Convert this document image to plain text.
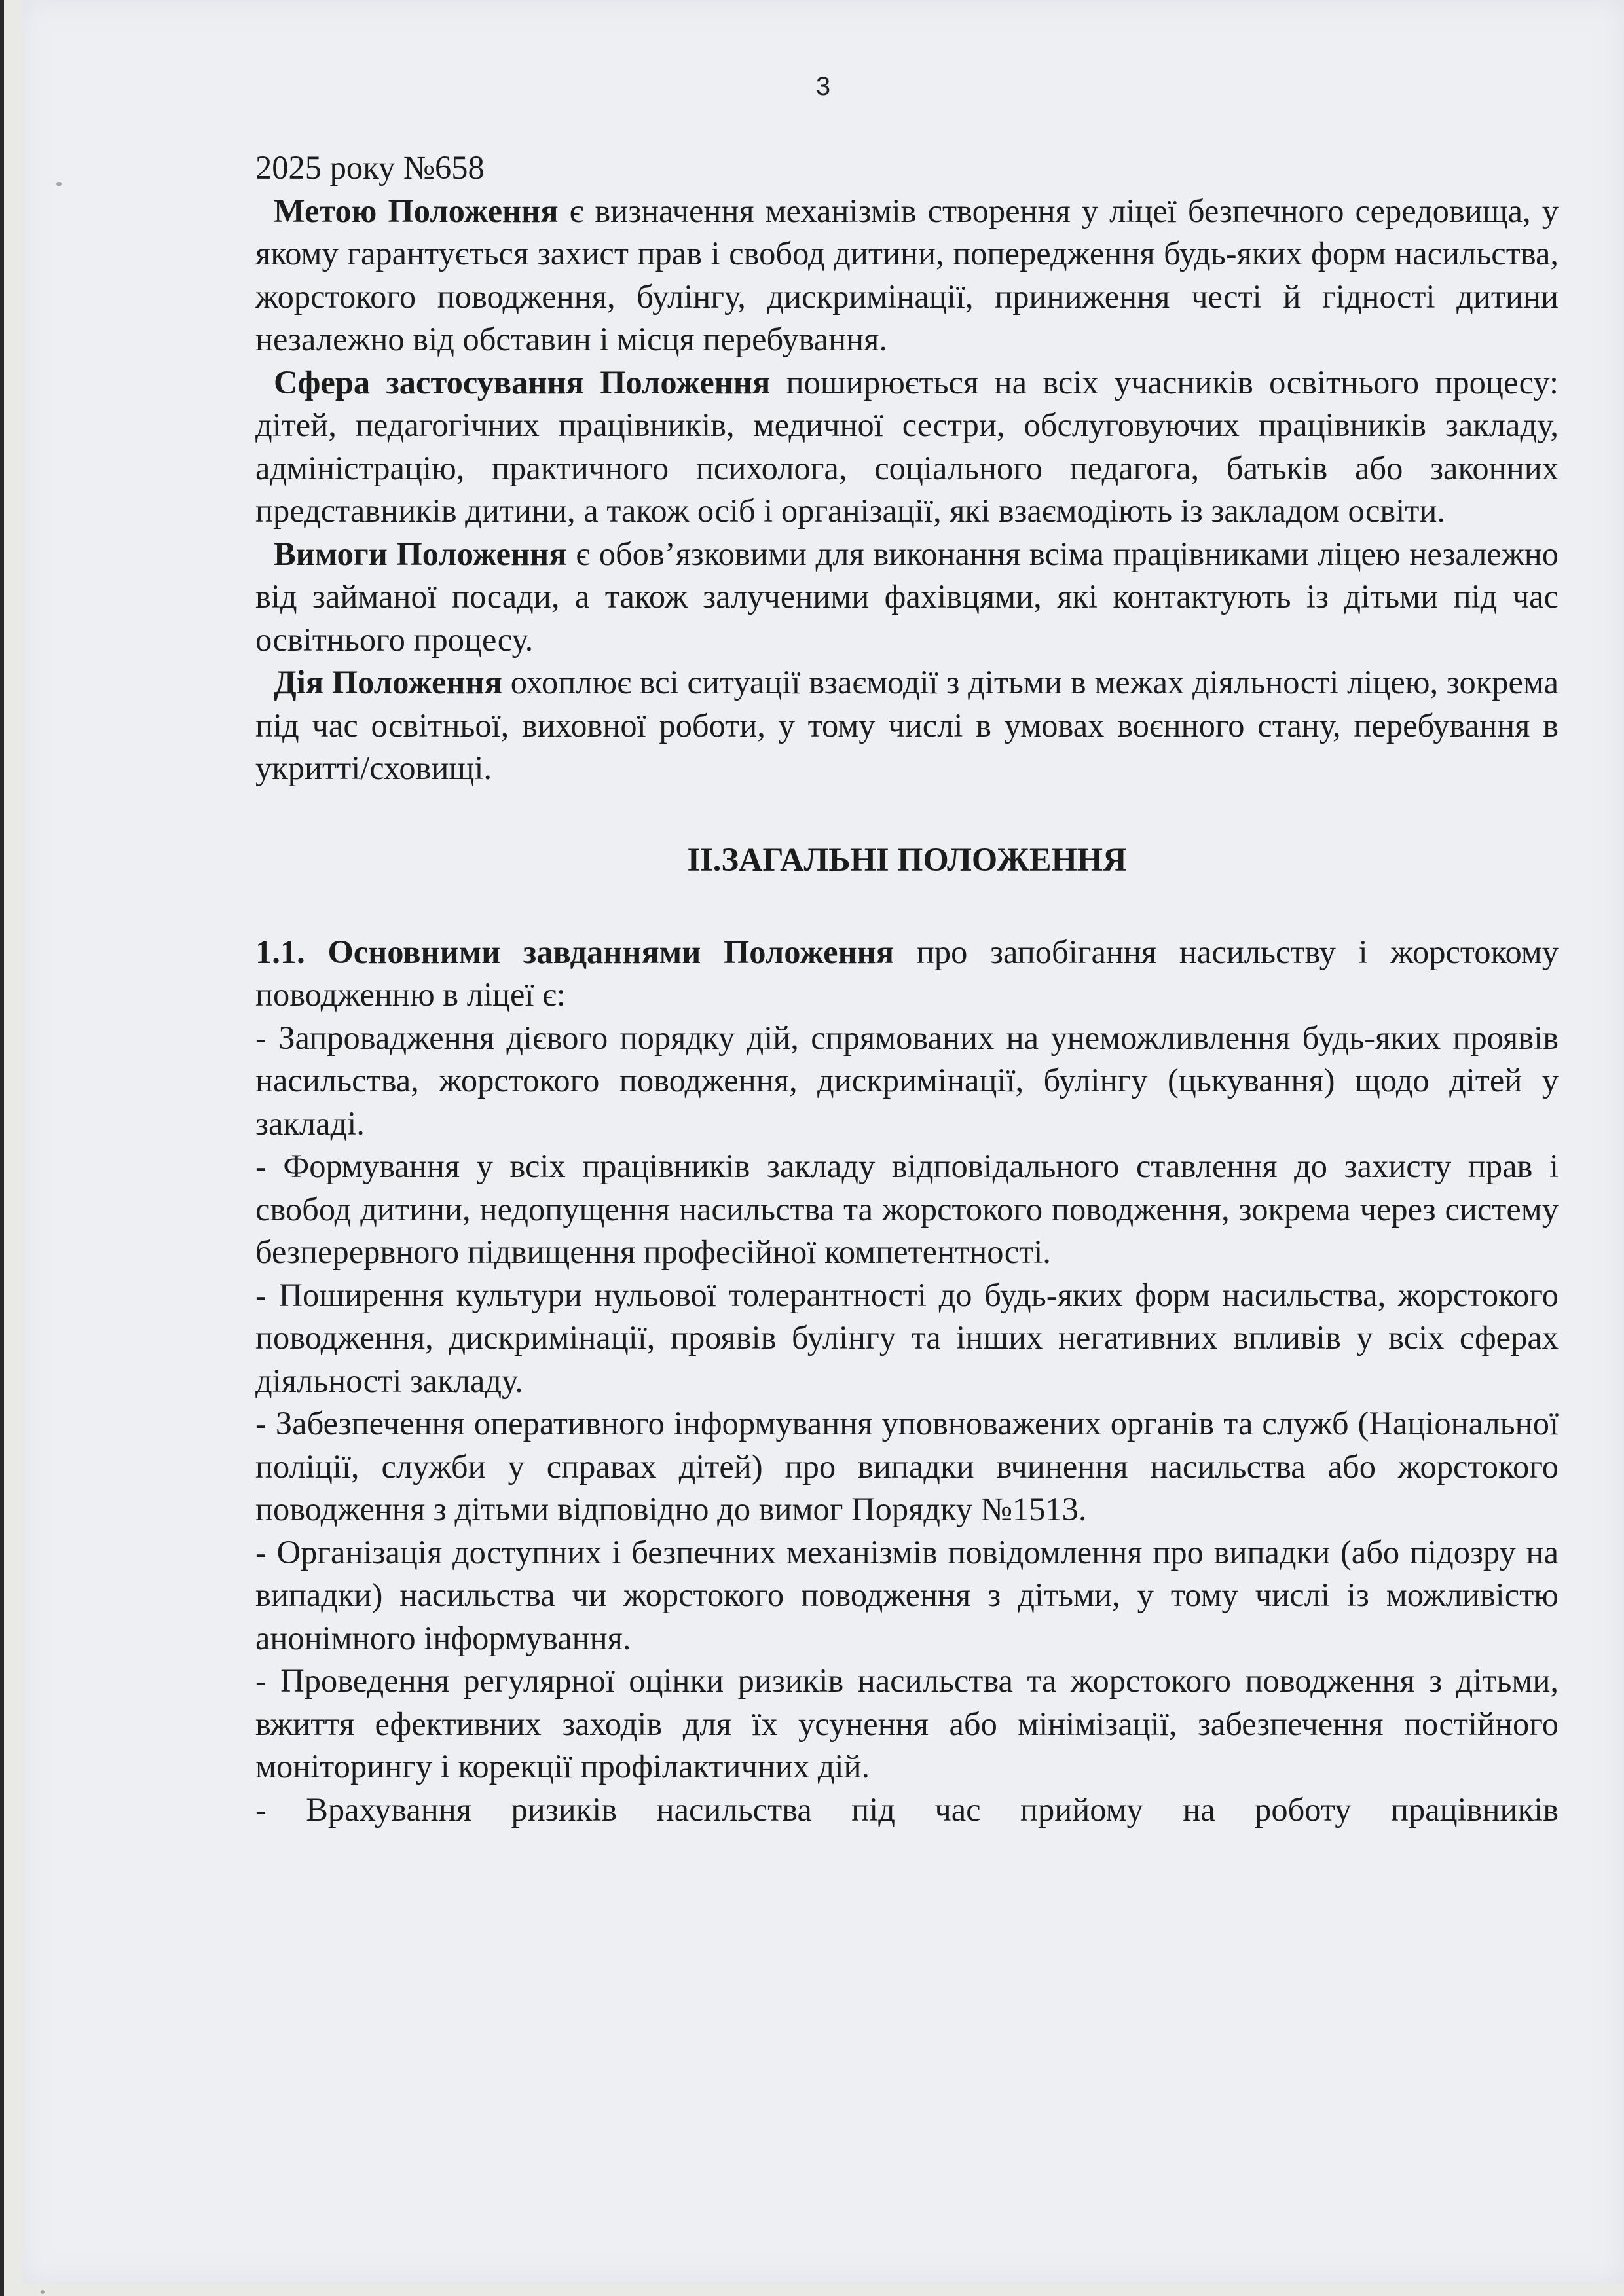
3

2025 року №658

Метою Положення є визначення механізмів створення у ліцеї безпечного середовища, у якому гарантується захист прав і свобод дитини, попередження будь-яких форм насильства, жорстокого поводження, булінгу, дискримінації, приниження честі й гідності дитини незалежно від обставин і місця перебування.

Сфера застосування Положення поширюється на всіх учасників освітнього процесу: дітей, педагогічних працівників, медичної сестри, обслуговуючих працівників закладу, адміністрацію, практичного психолога, соціального педагога, батьків або законних представників дитини, а також осіб і організації, які взаємодіють із закладом освіти.

Вимоги Положення є обов’язковими для виконання всіма працівниками ліцею незалежно від займаної посади, а також залученими фахівцями, які контактують із дітьми під час освітнього процесу.

Дія Положення охоплює всі ситуації взаємодії з дітьми в межах діяльності ліцею, зокрема під час освітньої, виховної роботи, у тому числі в умовах воєнного стану, перебування в укритті/сховищі.

ІІ.ЗАГАЛЬНІ ПОЛОЖЕННЯ

1.1. Основними завданнями Положення про запобігання насильству і жорстокому поводженню в ліцеї є:

- Запровадження дієвого порядку дій, спрямованих на унеможливлення будь-яких проявів насильства, жорстокого поводження, дискримінації, булінгу (цькування) щодо дітей у закладі.

- Формування у всіх працівників закладу відповідального ставлення до захисту прав і свобод дитини, недопущення насильства та жорстокого поводження, зокрема через систему безперервного підвищення професійної компетентності.

- Поширення культури нульової толерантності до будь-яких форм насильства, жорстокого поводження, дискримінації, проявів булінгу та інших негативних впливів у всіх сферах діяльності закладу.

- Забезпечення оперативного інформування уповноважених органів та служб (Національної поліції, служби у справах дітей) про випадки вчинення насильства або жорстокого поводження з дітьми відповідно до вимог Порядку №1513.

- Організація доступних і безпечних механізмів повідомлення про випадки (або підозру на випадки) насильства чи жорстокого поводження з дітьми, у тому числі із можливістю анонімного інформування.

- Проведення регулярної оцінки ризиків насильства та жорстокого поводження з дітьми, вжиття ефективних заходів для їх усунення або мінімізації, забезпечення постійного моніторингу і корекції профілактичних дій.

- Врахування ризиків насильства під час прийому на роботу працівників
